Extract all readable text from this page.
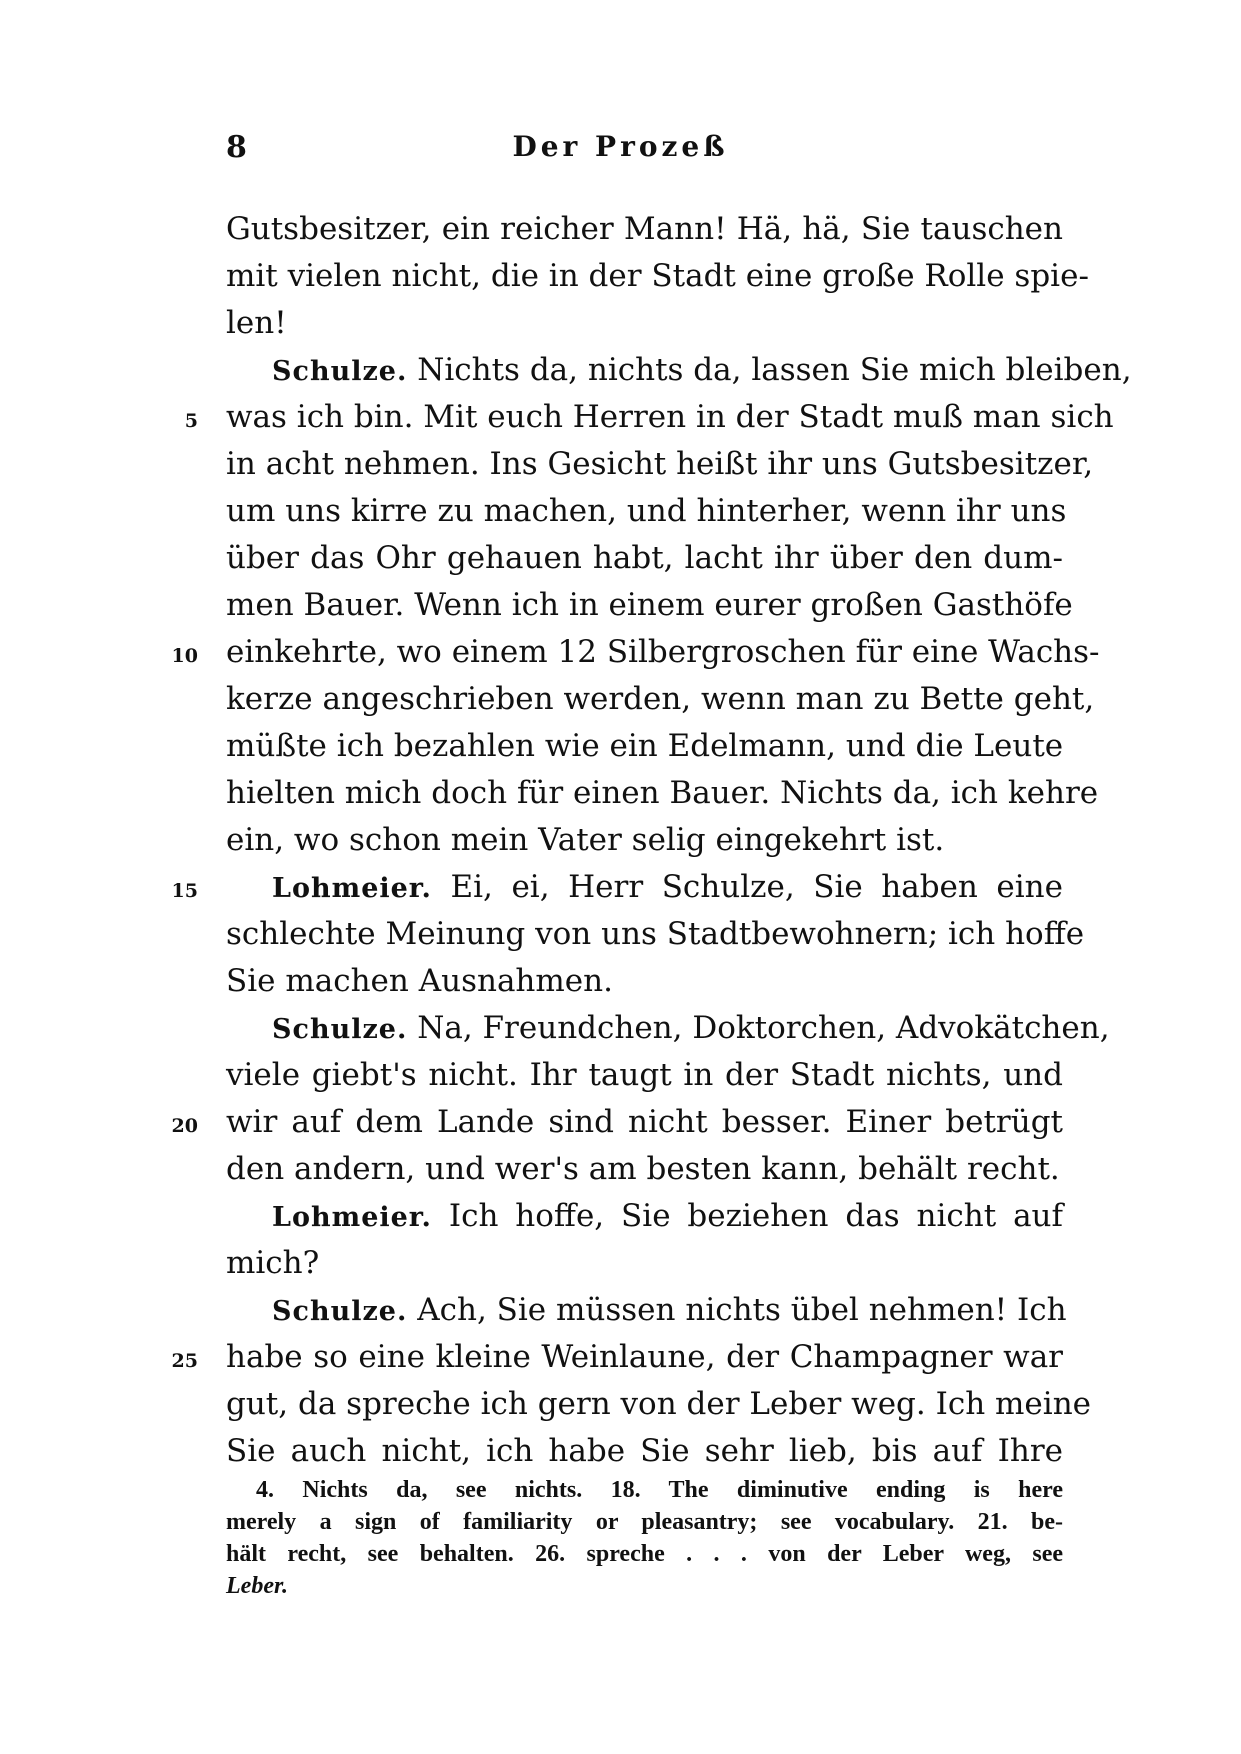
8	Der Prozeß
Gutsbesitzer, ein reicher Mann! Hä, hä, Sie tauschen
mit vielen nicht, die in der Stadt eine große Rolle spie-
len!
Schulze. Nichts da, nichts da, lassen Sie mich bleiben,
5 was ich bin. Mit euch Herren in der Stadt muß man sich
in acht nehmen. Ins Gesicht heißt ihr uns Gutsbesitzer,
um uns kirre zu machen, und hinterher, wenn ihr uns
über das Ohr gehauen habt, lacht ihr über den dum-
men Bauer. Wenn ich in einem eurer großen Gasthöfe
10 einkehrte, wo einem 12 Silbergroschen für eine Wachs-
kerze angeschrieben werden, wenn man zu Bette geht,
müßte ich bezahlen wie ein Edelmann, und die Leute
hielten mich doch für einen Bauer. Nichts da, ich kehre
ein, wo schon mein Vater selig eingekehrt ist.
15	Lohmeier. Ei, ei, Herr Schulze, Sie haben eine
schlechte Meinung von uns Stadtbewohnern; ich hoffe
Sie machen Ausnahmen.
Schulze. Na, Freundchen, Doktorchen, Advokätchen,
viele giebt's nicht. Ihr taugt in der Stadt nichts, und
20 wir auf dem Lande sind nicht besser. Einer betrügt
den andern, und wer's am besten kann, behält recht.
Lohmeier. Ich hoffe, Sie beziehen das nicht auf
mich?
Schulze. Ach, Sie müssen nichts übel nehmen! Ich
25 habe so eine kleine Weinlaune, der Champagner war
gut, da spreche ich gern von der Leber weg. Ich meine
Sie auch nicht, ich habe Sie sehr lieb, bis auf Ihre
4. Nichts da, see nichts. 18. The diminutive ending is here
merely a sign of familiarity or pleasantry; see vocabulary. 21. be-
hält recht, see behalten. 26. spreche . . . von der Leber weg, see
Leber.
